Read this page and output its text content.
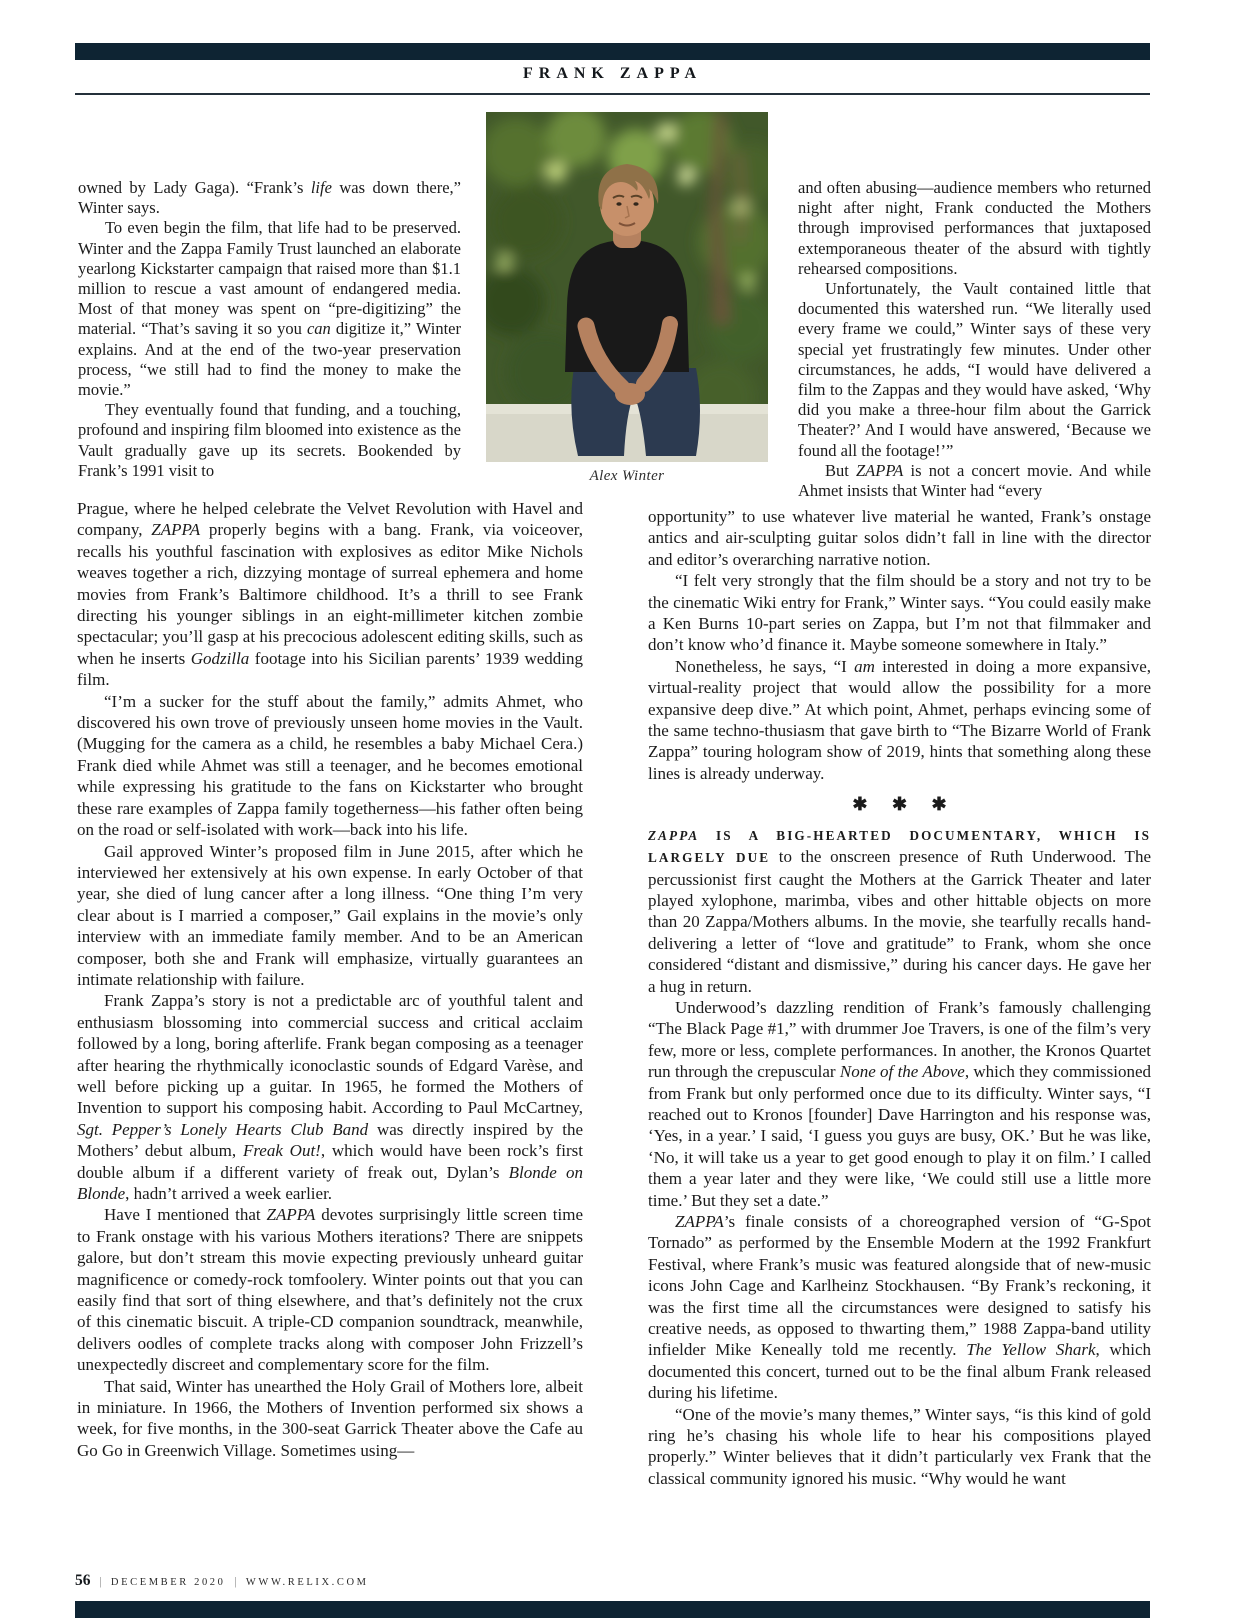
FRANK ZAPPA
Alex Winter

owned by Lady Gaga). “Frank’s life was down there,” Winter says.

To even begin the film, that life had to be preserved. Winter and the Zappa Family Trust launched an elaborate yearlong Kickstarter campaign that raised more than $1.1 million to rescue a vast amount of endangered media. Most of that money was spent on “pre-digitizing” the material. “That’s saving it so you can digitize it,” Winter explains. And at the end of the two-year preservation process, “we still had to find the money to make the movie.”

They eventually found that funding, and a touching, profound and inspiring film bloomed into existence as the Vault gradually gave up its secrets. Bookended by Frank’s 1991 visit to

and often abusing—audience members who returned night after night, Frank conducted the Mothers through improvised performances that juxtaposed extemporaneous theater of the absurd with tightly rehearsed compositions.

Unfortunately, the Vault contained little that documented this watershed run. “We literally used every frame we could,” Winter says of these very special yet frustratingly few minutes. Under other circumstances, he adds, “I would have delivered a film to the Zappas and they would have asked, ‘Why did you make a three-hour film about the Garrick Theater?’ And I would have answered, ‘Because we found all the footage!’”

But ZAPPA is not a concert movie. And while Ahmet insists that Winter had “every

Prague, where he helped celebrate the Velvet Revolution with Havel and company, ZAPPA properly begins with a bang. Frank, via voiceover, recalls his youthful fascination with explosives as editor Mike Nichols weaves together a rich, dizzying montage of surreal ephemera and home movies from Frank’s Baltimore childhood. It’s a thrill to see Frank directing his younger siblings in an eight-millimeter kitchen zombie spectacular; you’ll gasp at his precocious adolescent editing skills, such as when he inserts Godzilla footage into his Sicilian parents’ 1939 wedding film.

“I’m a sucker for the stuff about the family,” admits Ahmet, who discovered his own trove of previously unseen home movies in the Vault. (Mugging for the camera as a child, he resembles a baby Michael Cera.) Frank died while Ahmet was still a teenager, and he becomes emotional while expressing his gratitude to the fans on Kickstarter who brought these rare examples of Zappa family togetherness—his father often being on the road or self-isolated with work—back into his life.

Gail approved Winter’s proposed film in June 2015, after which he interviewed her extensively at his own expense. In early October of that year, she died of lung cancer after a long illness. “One thing I’m very clear about is I married a composer,” Gail explains in the movie’s only interview with an immediate family member. And to be an American composer, both she and Frank will emphasize, virtually guarantees an intimate relationship with failure.

Frank Zappa’s story is not a predictable arc of youthful talent and enthusiasm blossoming into commercial success and critical acclaim followed by a long, boring afterlife. Frank began composing as a teenager after hearing the rhythmically iconoclastic sounds of Edgard Varèse, and well before picking up a guitar. In 1965, he formed the Mothers of Invention to support his composing habit. According to Paul McCartney, Sgt. Pepper’s Lonely Hearts Club Band was directly inspired by the Mothers’ debut album, Freak Out!, which would have been rock’s first double album if a different variety of freak out, Dylan’s Blonde on Blonde, hadn’t arrived a week earlier.

Have I mentioned that ZAPPA devotes surprisingly little screen time to Frank onstage with his various Mothers iterations? There are snippets galore, but don’t stream this movie expecting previously unheard guitar magnificence or comedy-rock tomfoolery. Winter points out that you can easily find that sort of thing elsewhere, and that’s definitely not the crux of this cinematic biscuit. A triple-CD companion soundtrack, meanwhile, delivers oodles of complete tracks along with composer John Frizzell’s unexpectedly discreet and complementary score for the film.

That said, Winter has unearthed the Holy Grail of Mothers lore, albeit in miniature. In 1966, the Mothers of Invention performed six shows a week, for five months, in the 300-seat Garrick Theater above the Cafe au Go Go in Greenwich Village. Sometimes using—

opportunity” to use whatever live material he wanted, Frank’s onstage antics and air-sculpting guitar solos didn’t fall in line with the director and editor’s overarching narrative notion.

“I felt very strongly that the film should be a story and not try to be the cinematic Wiki entry for Frank,” Winter says. “You could easily make a Ken Burns 10-part series on Zappa, but I’m not that filmmaker and don’t know who’d finance it. Maybe someone somewhere in Italy.”

Nonetheless, he says, “I am interested in doing a more expansive, virtual-reality project that would allow the possibility for a more expansive deep dive.” At which point, Ahmet, perhaps evincing some of the same techno-thusiasm that gave birth to “The Bizarre World of Frank Zappa” touring hologram show of 2019, hints that something along these lines is already underway.

✱ ✱ ✱

ZAPPA IS A BIG-HEARTED DOCUMENTARY, WHICH IS LARGELY DUE to the onscreen presence of Ruth Underwood. The percussionist first caught the Mothers at the Garrick Theater and later played xylophone, marimba, vibes and other hittable objects on more than 20 Zappa/Mothers albums. In the movie, she tearfully recalls hand-delivering a letter of “love and gratitude” to Frank, whom she once considered “distant and dismissive,” during his cancer days. He gave her a hug in return.

Underwood’s dazzling rendition of Frank’s famously challenging “The Black Page #1,” with drummer Joe Travers, is one of the film’s very few, more or less, complete performances. In another, the Kronos Quartet run through the crepuscular None of the Above, which they commissioned from Frank but only performed once due to its difficulty. Winter says, “I reached out to Kronos [founder] Dave Harrington and his response was, ‘Yes, in a year.’ I said, ‘I guess you guys are busy, OK.’ But he was like, ‘No, it will take us a year to get good enough to play it on film.’ I called them a year later and they were like, ‘We could still use a little more time.’ But they set a date.”

ZAPPA’s finale consists of a choreographed version of “G-Spot Tornado” as performed by the Ensemble Modern at the 1992 Frankfurt Festival, where Frank’s music was featured alongside that of new-music icons John Cage and Karlheinz Stockhausen. “By Frank’s reckoning, it was the first time all the circumstances were designed to satisfy his creative needs, as opposed to thwarting them,” 1988 Zappa-band utility infielder Mike Keneally told me recently. The Yellow Shark, which documented this concert, turned out to be the final album Frank released during his lifetime.

“One of the movie’s many themes,” Winter says, “is this kind of gold ring he’s chasing his whole life to hear his compositions played properly.” Winter believes that it didn’t particularly vex Frank that the classical community ignored his music. “Why would he want

56 | DECEMBER 2020 | WWW.RELIX.COM
